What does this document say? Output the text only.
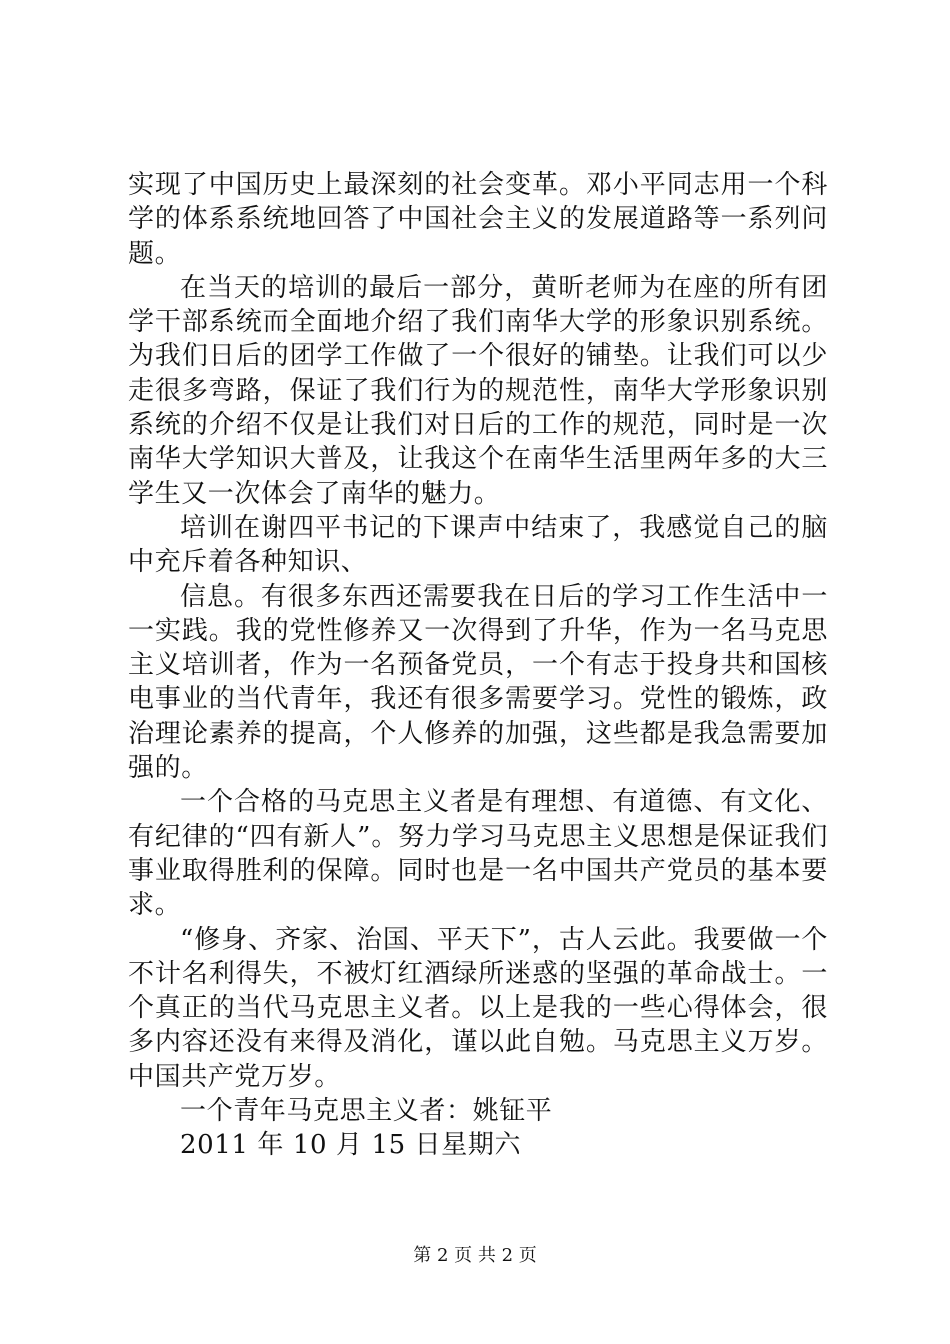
实现了中国历史上最深刻的社会变革。邓小平同志用一个科学的体系系统地回答了中国社会主义的发展道路等一系列问题。

在当天的培训的最后一部分，黄昕老师为在座的所有团学干部系统而全面地介绍了我们南华大学的形象识别系统。为我们日后的团学工作做了一个很好的铺垫。让我们可以少走很多弯路，保证了我们行为的规范性，南华大学形象识别系统的介绍不仅是让我们对日后的工作的规范，同时是一次南华大学知识大普及，让我这个在南华生活里两年多的大三学生又一次体会了南华的魅力。

培训在谢四平书记的下课声中结束了，我感觉自己的脑中充斥着各种知识、

信息。有很多东西还需要我在日后的学习工作生活中一一实践。我的党性修养又一次得到了升华，作为一名马克思主义培训者，作为一名预备党员，一个有志于投身共和国核电事业的当代青年，我还有很多需要学习。党性的锻炼，政治理论素养的提高，个人修养的加强，这些都是我急需要加强的。

一个合格的马克思主义者是有理想、有道德、有文化、有纪律的“四有新人”。努力学习马克思主义思想是保证我们事业取得胜利的保障。同时也是一名中国共产党员的基本要求。

“修身、齐家、治国、平天下”，古人云此。我要做一个不计名利得失，不被灯红酒绿所迷惑的坚强的革命战士。一个真正的当代马克思主义者。以上是我的一些心得体会，很多内容还没有来得及消化，谨以此自勉。马克思主义万岁。中国共产党万岁。

一个青年马克思主义者：姚钲平

2011 年 10 月 15 日星期六

第 2 页 共 2 页
